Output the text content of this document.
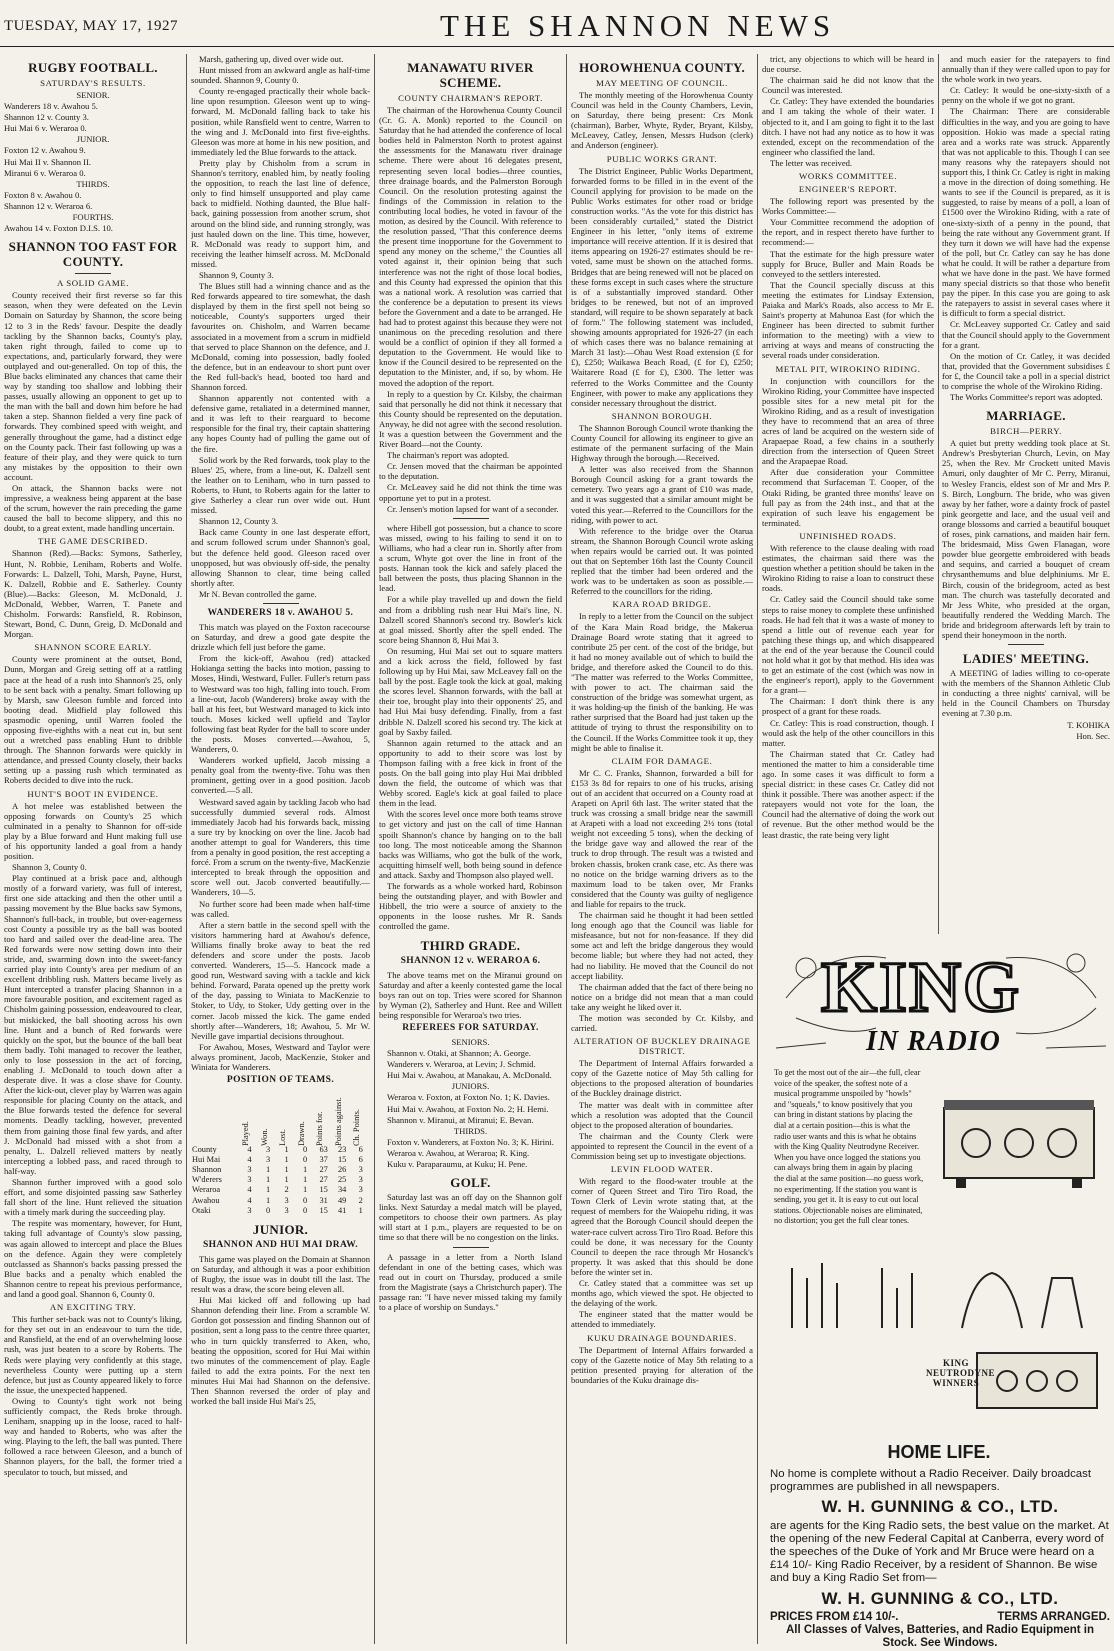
TUESDAY, MAY 17, 1927	THE SHANNON NEWS
RUGBY FOOTBALL.
SATURDAY'S RESULTS.

SENIOR.

Wanderers 18 v. Awahou 5.

Shannon 12 v. County 3.

Hui Mai 6 v. Weraroa 0.

JUNIOR.

Foxton 12 v. Awahou 9.

Hui Mai II v. Shannon II.

Miranui 6 v. Weraroa 0.

THIRDS.

Foxton 8 v. Awahou 0.

Shannon 12 v. Weraroa 6.

FOURTHS.

Awahou 14 v. Foxton D.I.S. 10.

SHANNON TOO FAST FOR COUNTY.
A SOLID GAME.

County received their first reverse so far this season, when they were defeated on the Levin Domain on Saturday by Shannon, the score being 12 to 3 in the Reds' favour. Despite the deadly tackling by the Shannon backs, County's play, taken right through, failed to come up to expectations, and, particularly forward, they were outplayed and out-generalled. On top of this, the Blue backs eliminated any chances that came their way by standing too shallow and lobbing their passes, usually allowing an opponent to get up to the man with the ball and down him before he had taken a step. Shannon fielded a very fine pack of forwards. They combined speed with weight, and generally throughout the game, had a distinct edge on the County pack. Their fast following up was a feature of their play, and they were quick to turn any mistakes by the opposition to their own account.

On attack, the Shannon backs were not impressive, a weakness being apparent at the base of the scrum, however the rain preceding the game caused the ball to become slippery, and this no doubt, to a great extent, made handling uncertain.

THE GAME DESCRIBED.

Shannon (Red).—Backs: Symons, Satherley, Hunt, N. Robbie, Leniham, Roberts and Wolfe. Forwards: L. Dalzell, Tohi, Marsh, Payne, Hurst, K. Dalzell, Robbie and E. Satherley. County (Blue).—Backs: Gleeson, M. McDonald, J. McDonald, Webber, Warren, T. Panete and Chisholm. Forwards: Ransfield, R. Robinson, Stewart, Bond, C. Dunn, Greig, D. McDonald and Morgan.

SHANNON SCORE EARLY.

County were prominent at the outset, Bond, Dunn, Morgan and Greig setting off at a rattling pace at the head of a rush into Shannon's 25, only to be sent back with a penalty. Smart following up by Marsh, saw Gleeson fumble and forced into booting dead. Midfield play followed this spasmodic opening, until Warren fooled the opposing five-eighths with a neat cut in, but sent out a wretched pass enabling Hunt to dribble through. The Shannon forwards were quickly in attendance, and pressed County closely, their backs setting up a passing rush which terminated as Roberts decided to dive into the ruck.

HUNT'S BOOT IN EVIDENCE.

A hot melee was established between the opposing forwards on County's 25 which culminated in a penalty to Shannon for off-side play by a Blue forward and Hunt making full use of his opportunity landed a goal from a handy position.

Shannon 3, County 0.

Play continued at a brisk pace and, although mostly of a forward variety, was full of interest, first one side attacking and then the other until a passing movement by the Blue backs saw Symons, Shannon's full-back, in trouble, but over-eagerness cost County a possible try as the ball was booted too hard and sailed over the dead-line area. The Red forwards were now setting down into their stride, and, swarming down into the sweet-fancy carried play into County's area per medium of an excellent dribbling rush. Matters became lively as Hunt intercepted a transfer placing Shannon in a more favourable position, and excitement raged as Chisholm gaining possession, endeavoured to clear, but miskicked, the ball shooting across his own line. Hunt and a bunch of Red forwards were quickly on the spot, but the bounce of the ball beat them badly. Tohi managed to recover the leather, only to lose possession in the act of forcing, enabling J. McDonald to touch down after a desperate dive. It was a close shave for County. After the kick-out, clever play by Warren was again responsible for placing County on the attack, and the Blue forwards tested the defence for several moments. Deadly tackling, however, prevented them from gaining those final few yards, and after J. McDonald had missed with a shot from a penalty, L. Dalzell relieved matters by neatly intercepting a lobbed pass, and raced through to half-way.

Shannon further improved with a good solo effort, and some disjointed passing saw Satherley fall short of the line. Hunt relieved the situation with a timely mark during the succeeding play.

The respite was momentary, however, for Hunt, taking full advantage of County's slow passing, was again allowed to intercept and place the Blues on the defence. Again they were completely outclassed as Shannon's backs passing pressed the Blue backs and a penalty which enabled the Shannon centre to repeat his previous performance, and land a good goal. Shannon 6, County 0.

AN EXCITING TRY.

This further set-back was not to County's liking, for they set out in an endeavour to turn the tide, and Ransfield, at the end of an overwhelming loose rush, was just beaten to a score by Roberts. The Reds were playing very confidently at this stage, nevertheless County were putting up a stern defence, but just as County appeared likely to force the issue, the unexpected happened.

Owing to County's tight work not being sufficiently compact, the Reds broke through. Leniham, snapping up in the loose, raced to half-way and handed to Roberts, who was after the wing. Playing to the left, the ball was punted. There followed a race between Gleeson, and a bunch of Shannon players, for the ball, the former tried a speculator to touch, but missed, and

Marsh, gathering up, dived over wide out.

Hunt missed from an awkward angle as half-time sounded. Shannon 9, County 0.

County re-engaged practically their whole back-line upon resumption. Gleeson went up to wing-forward, M. McDonald falling back to take his position, while Ransfield went to centre, Warren to the wing and J. McDonald into first five-eighths. Gleeson was more at home in his new position, and immediately led the Blue forwards to the attack.

Pretty play by Chisholm from a scrum in Shannon's territory, enabled him, by neatly fooling the opposition, to reach the last line of defence, only to find himself unsupported and play came back to midfield. Nothing daunted, the Blue half-back, gaining possession from another scrum, shot around on the blind side, and running strongly, was just hauled down on the line. This time, however, R. McDonald was ready to support him, and receiving the leather himself across. M. McDonald missed.

Shannon 9, County 3.

The Blues still had a winning chance and as the Red forwards appeared to tire somewhat, the dash displayed by them in the first spell not being so noticeable, County's supporters urged their favourites on. Chisholm, and Warren became associated in a movement from a scrum in midfield that served to place Shannon on the defence, and J. McDonald, coming into possession, badly fooled the defence, but in an endeavour to short punt over the Red full-back's head, booted too hard and Shannon forced.

Shannon apparently not contented with a defensive game, retaliated in a determined manner, and it was left to their rearguard to become responsible for the final try, their captain shattering any hopes County had of pulling the game out of the fire.

Solid work by the Red forwards, took play to the Blues' 25, where, from a line-out, K. Dalzell sent the leather on to Leniham, who in turn passed to Roberts, to Hunt, to Roberts again for the latter to give Satherley a clear run over wide out. Hunt missed.

Shannon 12, County 3.

Back came County in one last desperate effort, and scrum followed scrum under Shannon's goal, but the defence held good. Gleeson raced over unopposed, but was obviously off-side, the penalty allowing Shannon to clear, time being called shortly after.

Mr N. Bevan controlled the game.

WANDERERS 18 v. AWAHOU 5.

This match was played on the Foxton racecourse on Saturday, and drew a good gate despite the drizzle which fell just before the game.

From the kick-off, Awahou (red) attacked Hokianga setting the backs into motion, passing to Moses, Hindi, Westward, Fuller. Fuller's return pass to Westward was too high, falling into touch. From a line-out, Jacob (Wanderers) broke away with the ball at his feet, but Westward managed to kick into touch. Moses kicked well upfield and Taylor following fast beat Ryder for the ball to score under the posts. Moses converted.—Awahou, 5, Wanderers, 0.

Wanderers worked upfield, Jacob missing a penalty goal from the twenty-five. Tohu was then prominent, getting over in a good position. Jacob converted.—5 all.

Westward saved again by tackling Jacob who had successfully dummied several rods. Almost immediately Jacob had his forwards back, missing a sure try by knocking on over the line. Jacob had another attempt to goal for Wanderers, this time from a penalty in good position, the rest accepting a forcé. From a scrum on the twenty-five, MacKenzie intercepted to break through the opposition and score well out. Jacob converted beautifully.—Wanderers, 10—5.

No further score had been made when half-time was called.

After a stern battle in the second spell with the visitors hammering hard at Awahou's defence, Williams finally broke away to beat the red defenders and score under the posts. Jacob converted. Wanderers, 15—5. Hancock made a good run, Westward saving with a tackle and kick behind. Forward, Parata opened up the pretty work of the day, passing to Winiata to MacKenzie to Stoker, to Udy, to Stoker, Udy getting over in the corner. Jacob missed the kick. The game ended shortly after—Wanderers, 18; Awahou, 5. Mr W. Neville gave impartial decisions throughout.

For Awahou, Moses, Westward and Taylor were always prominent, Jacob, MacKenzie, Stoker and Winiata for Wanderers.

POSITION OF TEAMS.
	Played.	Won.	Lost.	Drawn.	Points for.	Points against.	Ch. Points.
County	4	3	1	0	63	23	6
Hui Mai	4	3	1	0	37	15	6
Shannon	3	1	1	1	27	26	3
W'derers	3	1	1	1	27	25	3
Weraroa	4	1	2	1	15	34	3
Awahou	4	1	3	0	31	49	2
Otaki	3	0	3	0	15	41	1
JUNIOR.
SHANNON AND HUI MAI DRAW.

This game was played on the Domain at Shannon on Saturday, and although it was a poor exhibition of Rugby, the issue was in doubt till the last. The result was a draw, the score being eleven all.

Hui Mai kicked off and following up had Shannon defending their line. From a scramble W. Gordon got possession and finding Shannon out of position, sent a long pass to the centre three quarter, who in turn quickly transferred to Aken, who, beating the opposition, scored for Hui Mai within two minutes of the commencement of play. Eagle failed to add the extra points. For the next ten minutes Hui Mai had Shannon on the defensive. Then Shannon reversed the order of play and worked the ball inside Hui Mai's 25,

MANAWATU RIVER SCHEME.
COUNTY CHAIRMAN'S REPORT.

The chairman of the Horowhenua County Council (Cr. G. A. Monk) reported to the Council on Saturday that he had attended the conference of local bodies held in Palmerston North to protest against the assessments for the Manawatu river drainage scheme. There were about 16 delegates present, representing seven local bodies—three counties, three drainage boards, and the Palmerston Borough Council. On the resolution protesting against the findings of the Commission in relation to the contributing local bodies, he voted in favour of the motion, as desired by the Council. With reference to the resolution passed, "That this conference deems the present time inopportune for the Government to spend any money on the scheme," the Counties all voted against it, their opinion being that such interference was not the right of those local bodies, and this County had expressed the opinion that this was a national work. A resolution was carried that the conference be a deputation to present its views before the Government and a date to be arranged. He had had to protest against this because they were not unanimous on the preceding resolution and there would be a conflict of opinion if they all formed a deputation to the Government. He would like to know if the Council desired to be represented on the deputation to the Minister, and, if so, by whom. He moved the adoption of the report.

In reply to a question by Cr. Kilsby, the chairman said that personally he did not think it necessary that this County should be represented on the deputation. Anyway, he did not agree with the second resolution. It was a question between the Government and the River Board—not the County.

The chairman's report was adopted.

Cr. Jensen moved that the chairman be appointed to the deputation.

Cr. McLeavey said he did not think the time was opportune yet to put in a protest.

Cr. Jensen's motion lapsed for want of a seconder.

where Hibell got possession, but a chance to score was missed, owing to his failing to send it on to Williams, who had a clear run in. Shortly after from a scrum, Whyte got over the line in front of the posts. Hannan took the kick and safely placed the ball between the posts, thus placing Shannon in the lead.

For a while play travelled up and down the field and from a dribbling rush near Hui Mai's line, N. Dalzell scored Shannon's second try. Bowler's kick at goal missed. Shortly after the spell ended. The score being Shannon 8, Hui Mai 3.

On resuming, Hui Mai set out to square matters and a kick across the field, followed by fast following up by Hui Mai, saw McLeavey fall on the ball by the post. Eagle took the kick at goal, making the scores level. Shannon forwards, with the ball at their toe, brought play into their opponents' 25, and had Hui Mai busy defending. Finally, from a fast dribble N. Dalzell scored his second try. The kick at goal by Saxby failed.

Shannon again returned to the attack and an opportunity to add to their score was lost by Thompson failing with a free kick in front of the posts. On the ball going into play Hui Mai dribbled down the field, the outcome of which was that Webby scored. Eagle's kick at goal failed to place them in the lead.

With the scores level once more both teams strove to get victory and just on the call of time Hannan spoilt Shannon's chance by hanging on to the ball too long. The most noticeable among the Shannon backs was Williams, who got the bulk of the work, acquitting himself well, both being sound in defence and attack. Saxby and Thompson also played well.

The forwards as a whole worked hard, Robinson being the outstanding player, and with Bowler and Hibbell, the trio were a source of anxiety to the opponents in the loose rushes. Mr R. Sands controlled the game.

THIRD GRADE.
SHANNON 12 v. WERAROA 6.

The above teams met on the Miranui ground on Saturday and after a keenly contested game the local boys ran out on top. Tries were scored for Shannon by Wyman (2), Satherley and Hunt. Ree and Willett being responsible for Weraroa's two tries.

REFEREES FOR SATURDAY.

SENIORS.

Shannon v. Otaki, at Shannon; A. George.

Wanderers v. Weraroa, at Levin; J. Schmid.

Hui Mai v. Awahou, at Manakau, A. McDonald.

JUNIORS.

Weraroa v. Foxton, at Foxton No. 1; K. Davies.

Hui Mai v. Awahou, at Foxton No. 2; H. Hemi.

Shannon v. Miranui, at Miranui; E. Bevan.

THIRDS.

Foxton v. Wanderers, at Foxton No. 3; K. Hirini.

Weraroa v. Awahou, at Weraroa; R. King.

Kuku v. Paraparaumu, at Kuku; H. Pene.

GOLF.

Saturday last was an off day on the Shannon golf links. Next Saturday a medal match will be played, competitors to choose their own partners. As play will start at 1 p.m., players are requested to be on time so that there will be no congestion on the links.

A passage in a letter from a North Island defendant in one of the betting cases, which was read out in court on Thursday, produced a smile from the Magistrate (says a Christchurch paper). The passage ran: "I have never missed taking my family to a place of worship on Sundays."

HOROWHENUA COUNTY.
MAY MEETING OF COUNCIL.

The monthly meeting of the Horowhenua County Council was held in the County Chambers, Levin, on Saturday, there being present: Crs Monk (chairman), Barber, Whyte, Ryder, Bryant, Kilsby, McLeavey, Catley, Jensen, Messrs Hudson (clerk) and Anderson (engineer).

PUBLIC WORKS GRANT.

The District Engineer, Public Works Department, forwarded forms to be filled in in the event of the Council applying for provision to be made on the Public Works estimates for other road or bridge construction works. "As the vote for this district has been considerably curtailed," stated the District Engineer in his letter, "only items of extreme importance will receive attention. If it is desired that items appearing on 1926-27 estimates should be re-voted, same must be shown on the attached forms. Bridges that are being renewed will not be placed on these forms except in such cases where the structure is of a substantially improved standard. Other bridges to be renewed, but not of an improved standard, will require to be shown separately at back of form." The following statement was included, showing amounts appropriated for 1926-27 (in each of which cases there was no balance remaining at March 31 last):—Ohau West Road extension (£ for £), £250; Waikawa Beach Road, (£ for £), £250; Waitarere Road (£ for £), £300. The letter was referred to the Works Committee and the County Engineer, with power to make any applications they consider necessary throughout the district.

SHANNON BOROUGH.

The Shannon Borough Council wrote thanking the County Council for allowing its engineer to give an estimate of the permanent surfacing of the Main Highway through the borough.—Received.

A letter was also received from the Shannon Borough Council asking for a grant towards the cemetery. Two years ago a grant of £10 was made, and it was suggested that a similar amount might be voted this year.—Referred to the Councillors for the riding, with power to act.

With reference to the bridge over the Otarua stream, the Shannon Borough Council wrote asking when repairs would be carried out. It was pointed out that on September 16th last the County Council replied that the timber had been ordered and the work was to be undertaken as soon as possible.—Referred to the councillors for the riding.

KARA ROAD BRIDGE.

In reply to a letter from the Council on the subject of the Kara Main Road bridge, the Makerua Drainage Board wrote stating that it agreed to contribute 25 per cent. of the cost of the bridge, but it had no money available out of which to build the bridge, and therefore asked the Council to do this. "The matter was referred to the Works Committee, with power to act. The chairman said the construction of the bridge was somewhat urgent, as it was holding-up the finish of the banking. He was rather surprised that the Board had just taken up the attitude of trying to thrust the responsibility on to the Council. If the Works Committee took it up, they might be able to finalise it.

CLAIM FOR DAMAGE.

Mr C. C. Franks, Shannon, forwarded a bill for £153 3s 8d for repairs to one of his trucks, arising out of an accident that occurred on a County road at Arapeti on April 6th last. The writer stated that the truck was crossing a small bridge near the sawmill at Arapeti with a load not exceeding 2½ tons (total weight not exceeding 5 tons), when the decking of the bridge gave way and allowed the rear of the truck to drop through. The result was a twisted and broken chassis, broken crank case, etc. As there was no notice on the bridge warning drivers as to the maximum load to be taken over, Mr Franks considered that the County was guilty of negligence and liable for repairs to the truck.

The chairman said he thought it had been settled long enough ago that the Council was liable for misfeasance, but not for non-feasance. If they did some act and left the bridge dangerous they would become liable; but where they had not acted, they had no liability. He moved that the Council do not accept liability.

The chairman added that the fact of there being no notice on a bridge did not mean that a man could take any weight he liked over it.

The motion was seconded by Cr. Kilsby, and carried.

ALTERATION OF BUCKLEY DRAINAGE DISTRICT.

The Department of Internal Affairs forwarded a copy of the Gazette notice of May 5th calling for objections to the proposed alteration of boundaries of the Buckley drainage district.

The matter was dealt with in committee after which a resolution was adopted that the Council object to the proposed alteration of boundaries.

The chairman and the County Clerk were appointed to represent the Council in the event of a Commission being set up to investigate objections.

LEVIN FLOOD WATER.

With regard to the flood-water trouble at the corner of Queen Street and Tiro Tiro Road, the Town Clerk of Levin wrote stating that, at the request of members for the Waiopehu riding, it was agreed that the Borough Council should deepen the water-race culvert across Tiro Tiro Road. Before this could be done, it was necessary for the County Council to deepen the race through Mr Hosanck's property. It was asked that this should be done before the winter set in.

Cr. Catley stated that a committee was set up months ago, which viewed the spot. He objected to the delaying of the work.

The engineer stated that the matter would be attended to immediately.

KUKU DRAINAGE BOUNDARIES.

The Department of Internal Affairs forwarded a copy of the Gazette notice of May 5th relating to a petition presented praying for alteration of the boundaries of the Kuku drainage dis-

trict, any objections to which will be heard in due course.

The chairman said he did not know that the Council was interested.

Cr. Catley: They have extended the boundaries and I am taking the whole of their water. I objected to it, and I am going to fight it to the last ditch. I have not had any notice as to how it was extended, except on the recommendation of the engineer who classified the land.

The letter was received.

WORKS COMMITTEE.
ENGINEER'S REPORT.

The following report was presented by the Works Committee:—

Your Committee recommend the adoption of the report, and in respect thereto have further to recommend:—

That the estimate for the high pressure water supply for Bruce, Buller and Main Roads be conveyed to the settlers interested.

That the Council specially discuss at this meeting the estimates for Lindsay Extension, Paiaka and Mark's Roads, also access to Mr E. Saint's property at Mahunoa East (for which the Engineer has been directed to submit further information to the meeting) with a view to arriving at ways and means of constructing the several roads under consideration.

METAL PIT, WIROKINO RIDING.

In conjunction with councillors for the Wirokino Riding, your Committee have inspected possible sites for a new metal pit for the Wirokino Riding, and as a result of investigation they have to recommend that an area of three acres of land be acquired on the western side of Arapaepae Road, a few chains in a southerly direction from the intersection of Queen Street and the Arapaepae Road.

After due consideration your Committee recommend that Surfaceman T. Cooper, of the Otaki Riding, be granted three months' leave on full pay as from the 24th inst., and that at the expiration of such leave his engagement be terminated.

UNFINISHED ROADS.

With reference to the clause dealing with road estimates, the chairman said there was the question whether a petition should be taken in the Wirokino Riding to raise a loan to construct these roads.

Cr. Catley said the Council should take some steps to raise money to complete these unfinished roads. He had felt that it was a waste of money to spend a little out of revenue each year for patching these things up, and which disappeared at the end of the year because the Council could not hold what it got by that method. His idea was to get an estimate of the cost (which was now in the engineer's report), apply to the Government for a grant—

The Chairman: I don't think there is any prospect of a grant for these roads.

Cr. Catley: This is road construction, though. I would ask the help of the other councillors in this matter.

The Chairman stated that Cr. Catley had mentioned the matter to him a considerable time ago. In some cases it was difficult to form a special district: in these cases Cr. Catley did not think it possible. There was another aspect: if the ratepayers would not vote for the loan, the Council had the alternative of doing the work out of revenue. But the other method would be the least drastic, the rate being very light

and much easier for the ratepayers to find annually than if they were called upon to pay for the whole work in two years.

Cr. Catley: It would be one-sixty-sixth of a penny on the whole if we got no grant.

The Chairman: There are considerable difficulties in the way, and you are going to have opposition. Hokio was made a special rating area and a works rate was struck. Apparently that was not applicable to this. Though I can see many reasons why the ratepayers should not support this, I think Cr. Catley is right in making a move in the direction of doing something. He wants to see if the Council is prepared, as it is suggested, to raise by means of a poll, a loan of £1500 over the Wirokino Riding, with a rate of one-sixty-sixth of a penny in the pound, that being the rate without any Government grant. If they turn it down we will have had the expense of the poll, but Cr. Catley can say he has done what he could. It will be rather a departure from what we have done in the past. We have formed many special districts so that those who benefit pay the piper. In this case you are going to ask the ratepayers to assist in several cases where it is difficult to form a special district.

Cr. McLeavey supported Cr. Catley and said that the Council should apply to the Government for a grant.

On the motion of Cr. Catley, it was decided that, provided that the Government subsidises £ for £, the Council take a poll in a special district to comprise the whole of the Wirokino Riding.

The Works Committee's report was adopted.

MARRIAGE.
BIRCH—PERRY.

A quiet but pretty wedding took place at St. Andrew's Presbyterian Church, Levin, on May 25, when the Rev. Mr Crockett united Mavis Amuri, only daughter of Mr C. Perry, Miranui, to Wesley Francis, eldest son of Mr and Mrs P. S. Birch, Longburn. The bride, who was given away by her father, wore a dainty frock of pastel pink georgette and lace, and the usual veil and orange blossoms and carried a beautiful bouquet of roses, pink carnations, and maiden hair fern. The bridesmaid, Miss Gwen Flanagan, wore powder blue georgette embroidered with beads and sequins, and carried a bouquet of cream chrysanthemums and blue delphiniums. Mr E. Birch, cousin of the bridegroom, acted as best man. The church was tastefully decorated and Mr Jess White, who presided at the organ, beautifully rendered the Wedding March. The bride and bridegroom afterwards left by train to spend their honeymoon in the north.

LADIES' MEETING.

A MEETING of ladies willing to co-operate with the members of the Shannon Athletic Club in conducting a three nights' carnival, will be held in the Council Chambers on Thursday evening at 7.30 p.m.

T. KOHIKA

Hon. Sec.

KING
IN RADIO
To get the most out of the air—the full, clear voice of the speaker, the softest note of a musical programme unspoiled by "howls" and "squeals," to know positively that you can bring in distant stations by placing the dial at a certain position—this is what the radio user wants and this is what he obtains with the King Quality Neutrodyne Receiver. When you have once logged the stations you can always bring them in again by placing the dial at the same position—no guess work, no experimenting. If the station you want is sending, you get it. It is easy to cut out local stations. Objectionable noises are eliminated, no distortion; you get the full clear tones.
KING
NEUTRODYNE
WINNERS
HOME LIFE.
No home is complete without a Radio Receiver. Daily broadcast programmes are published in all newspapers.
W. H. GUNNING & CO., LTD.
are agents for the King Radio sets, the best value on the market. At the opening of the new Federal Capital at Canberra, every word of the speeches of the Duke of York and Mr Bruce were heard on a £14 10/- King Radio Receiver, by a resident of Shannon. Be wise and buy a King Radio Set from—
W. H. GUNNING & CO., LTD.
PRICES FROM £14 10/-.	TERMS ARRANGED.
All Classes of Valves, Batteries, and Radio Equipment in Stock. See Windows.
